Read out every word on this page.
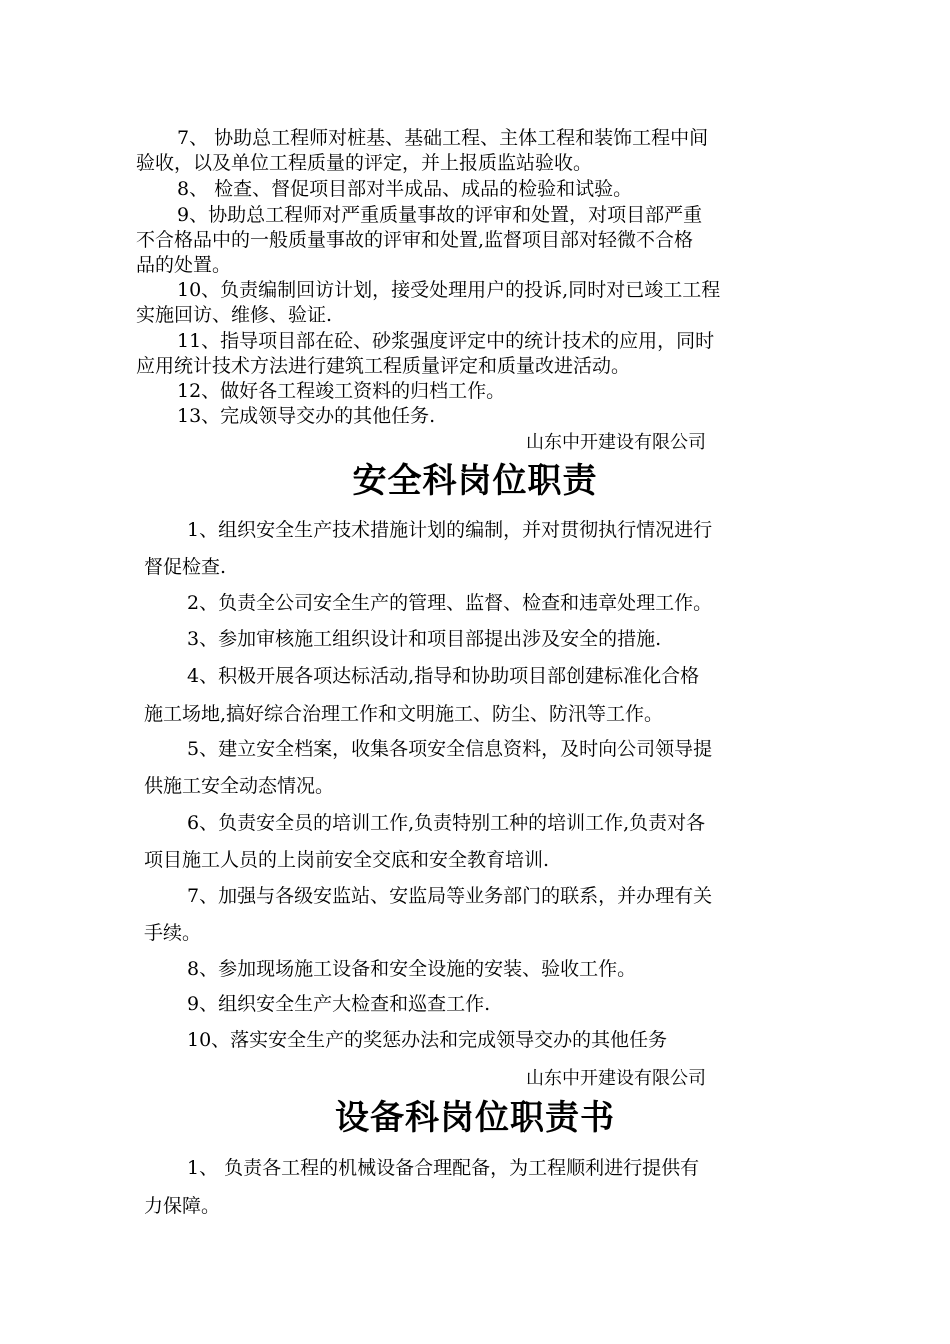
7、 协助总工程师对桩基、基础工程、主体工程和装饰工程中间

验收，以及单位工程质量的评定，并上报质监站验收。

8、 检查、督促项目部对半成品、成品的检验和试验。

9、协助总工程师对严重质量事故的评审和处置，对项目部严重

不合格品中的一般质量事故的评审和处置,监督项目部对轻微不合格

品的处置。

10、负责编制回访计划，接受处理用户的投诉,同时对已竣工工程

实施回访、维修、验证.

11、指导项目部在砼、砂浆强度评定中的统计技术的应用，同时

应用统计技术方法进行建筑工程质量评定和质量改进活动。

12、做好各工程竣工资料的归档工作。

13、完成领导交办的其他任务.

山东中开建设有限公司

安全科岗位职责

1、组织安全生产技术措施计划的编制，并对贯彻执行情况进行

督促检查.

2、负责全公司安全生产的管理、监督、检查和违章处理工作。

3、参加审核施工组织设计和项目部提出涉及安全的措施.

4、积极开展各项达标活动,指导和协助项目部创建标准化合格

施工场地,搞好综合治理工作和文明施工、防尘、防汛等工作。

5、建立安全档案，收集各项安全信息资料，及时向公司领导提

供施工安全动态情况。

6、负责安全员的培训工作,负责特别工种的培训工作,负责对各

项目施工人员的上岗前安全交底和安全教育培训.

7、加强与各级安监站、安监局等业务部门的联系，并办理有关

手续。

8、参加现场施工设备和安全设施的安装、验收工作。

9、组织安全生产大检查和巡查工作.

10、落实安全生产的奖惩办法和完成领导交办的其他任务

山东中开建设有限公司

设备科岗位职责书

1、 负责各工程的机械设备合理配备，为工程顺利进行提供有

力保障。
